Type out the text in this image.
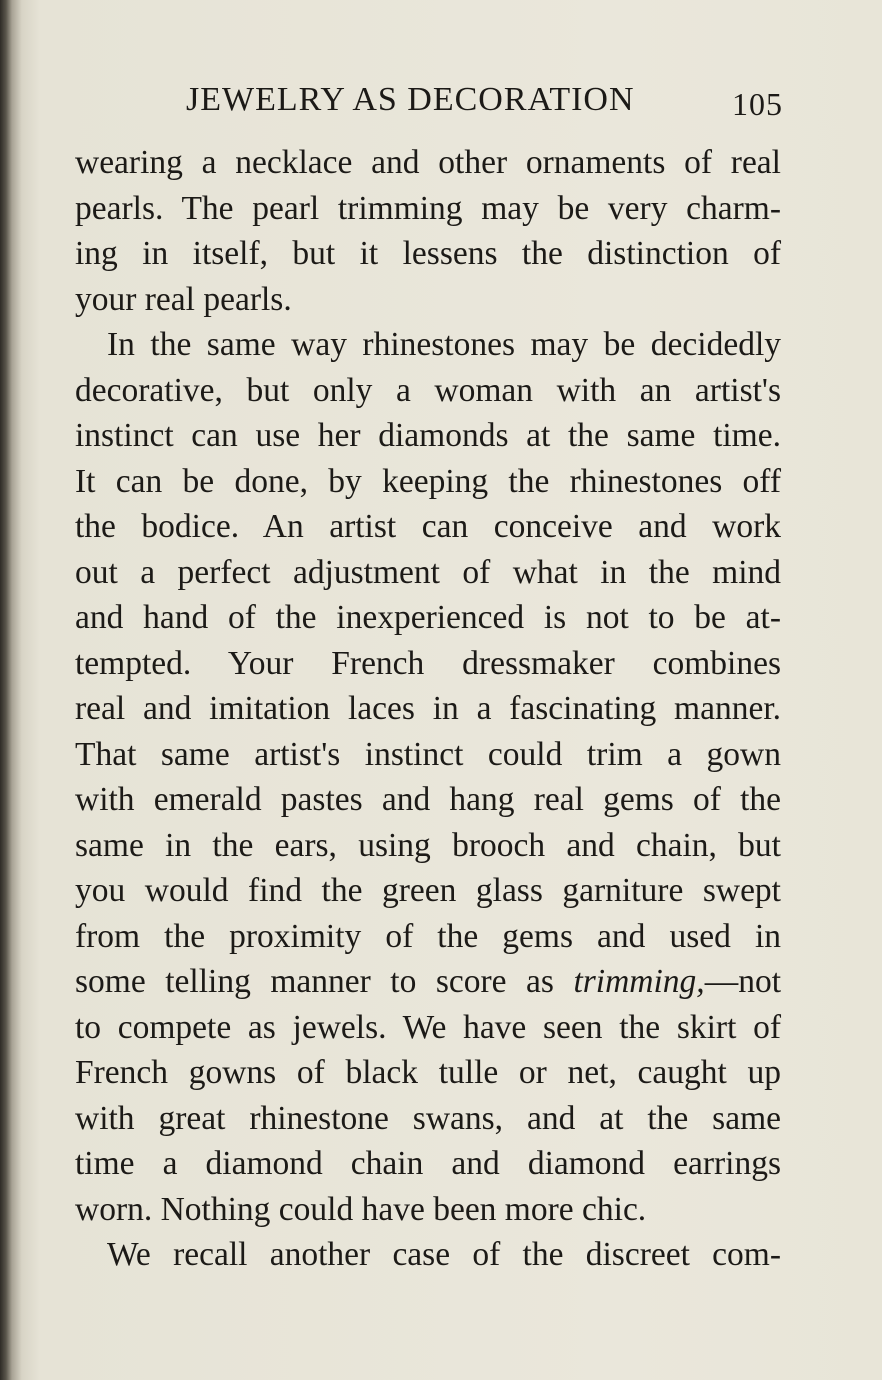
JEWELRY AS DECORATION	105
wearing a necklace and other ornaments of real
pearls. The pearl trimming may be very charm-
ing in itself, but it lessens the distinction of
your real pearls.
In the same way rhinestones may be decidedly
decorative, but only a woman with an artist's
instinct can use her diamonds at the same time.
It can be done, by keeping the rhinestones off
the bodice. An artist can conceive and work
out a perfect adjustment of what in the mind
and hand of the inexperienced is not to be at-
tempted. Your French dressmaker combines
real and imitation laces in a fascinating manner.
That same artist's instinct could trim a gown
with emerald pastes and hang real gems of the
same in the ears, using brooch and chain, but
you would find the green glass garniture swept
from the proximity of the gems and used in
some telling manner to score as trimming,—not
to compete as jewels. We have seen the skirt of
French gowns of black tulle or net, caught up
with great rhinestone swans, and at the same
time a diamond chain and diamond earrings
worn. Nothing could have been more chic.
We recall another case of the discreet com-
